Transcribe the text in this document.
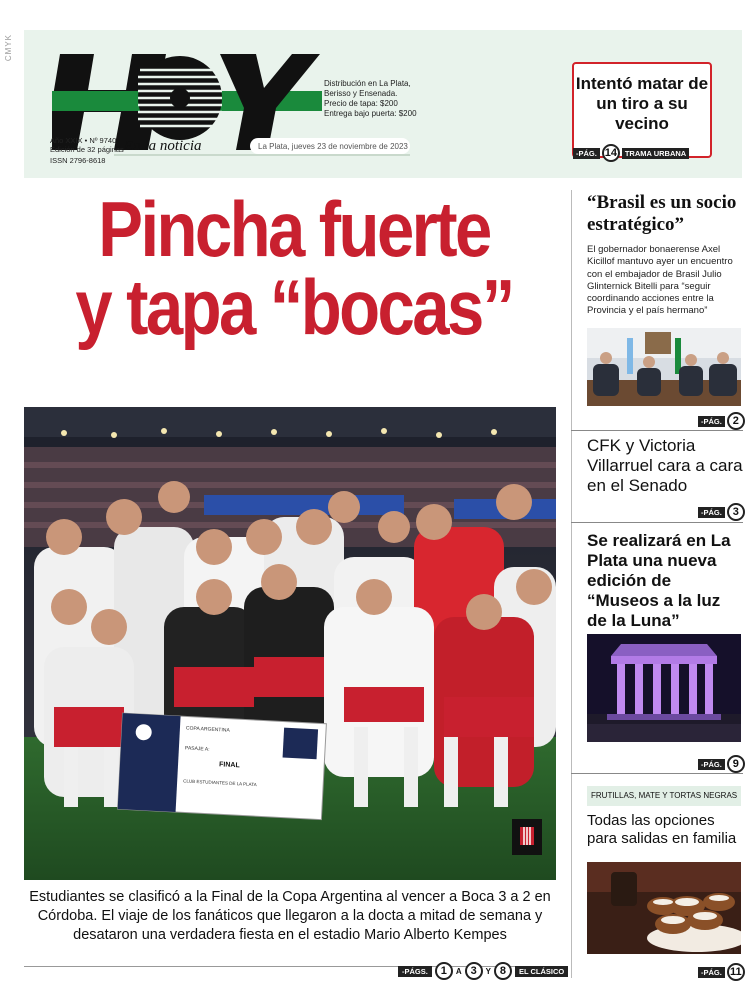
CMYK
En la noticia
Año XXIX • Nº 9740
Edición de 32 páginas
ISSN 2796-8618
Distribución en La Plata,
Berisso y Ensenada.
Precio de tapa: $200
Entrega bajo puerta: $200
La Plata, jueves 23 de noviembre de 2023
Intentó matar de un tiro a su vecino
-PÁG. 14	TRAMA URBANA
Pincha fuerte
y tapa “bocas”
COPA ARGENTINA
PASAJE A:
FINAL
CLUB ESTUDIANTES DE LA PLATA
Estudiantes se clasificó a la Final de la Copa Argentina al vencer a Boca 3 a 2 en Córdoba. El viaje de los fanáticos que llegaron a la docta a mitad de semana y desataron una verdadera fiesta en el estadio Mario Alberto Kempes
-PÁGS.	1	A 3	Y 8	EL CLÁSICO
“Brasil es un socio estratégico”
El gobernador bonaerense Axel Kicillof mantuvo ayer un encuentro con el embajador de Brasil Julio Glinternick Bitelli para “seguir coordinando acciones entre la Provincia y el país hermano”
-PÁG. 2
CFK y Victoria Villarruel cara a cara en el Senado
-PÁG. 3
Se realizará en La Plata una nueva edición de “Museos a la luz de la Luna”
-PÁG. 9
FRUTILLAS, MATE Y TORTAS NEGRAS
Todas las opciones para salidas en familia
-PÁG. 11
